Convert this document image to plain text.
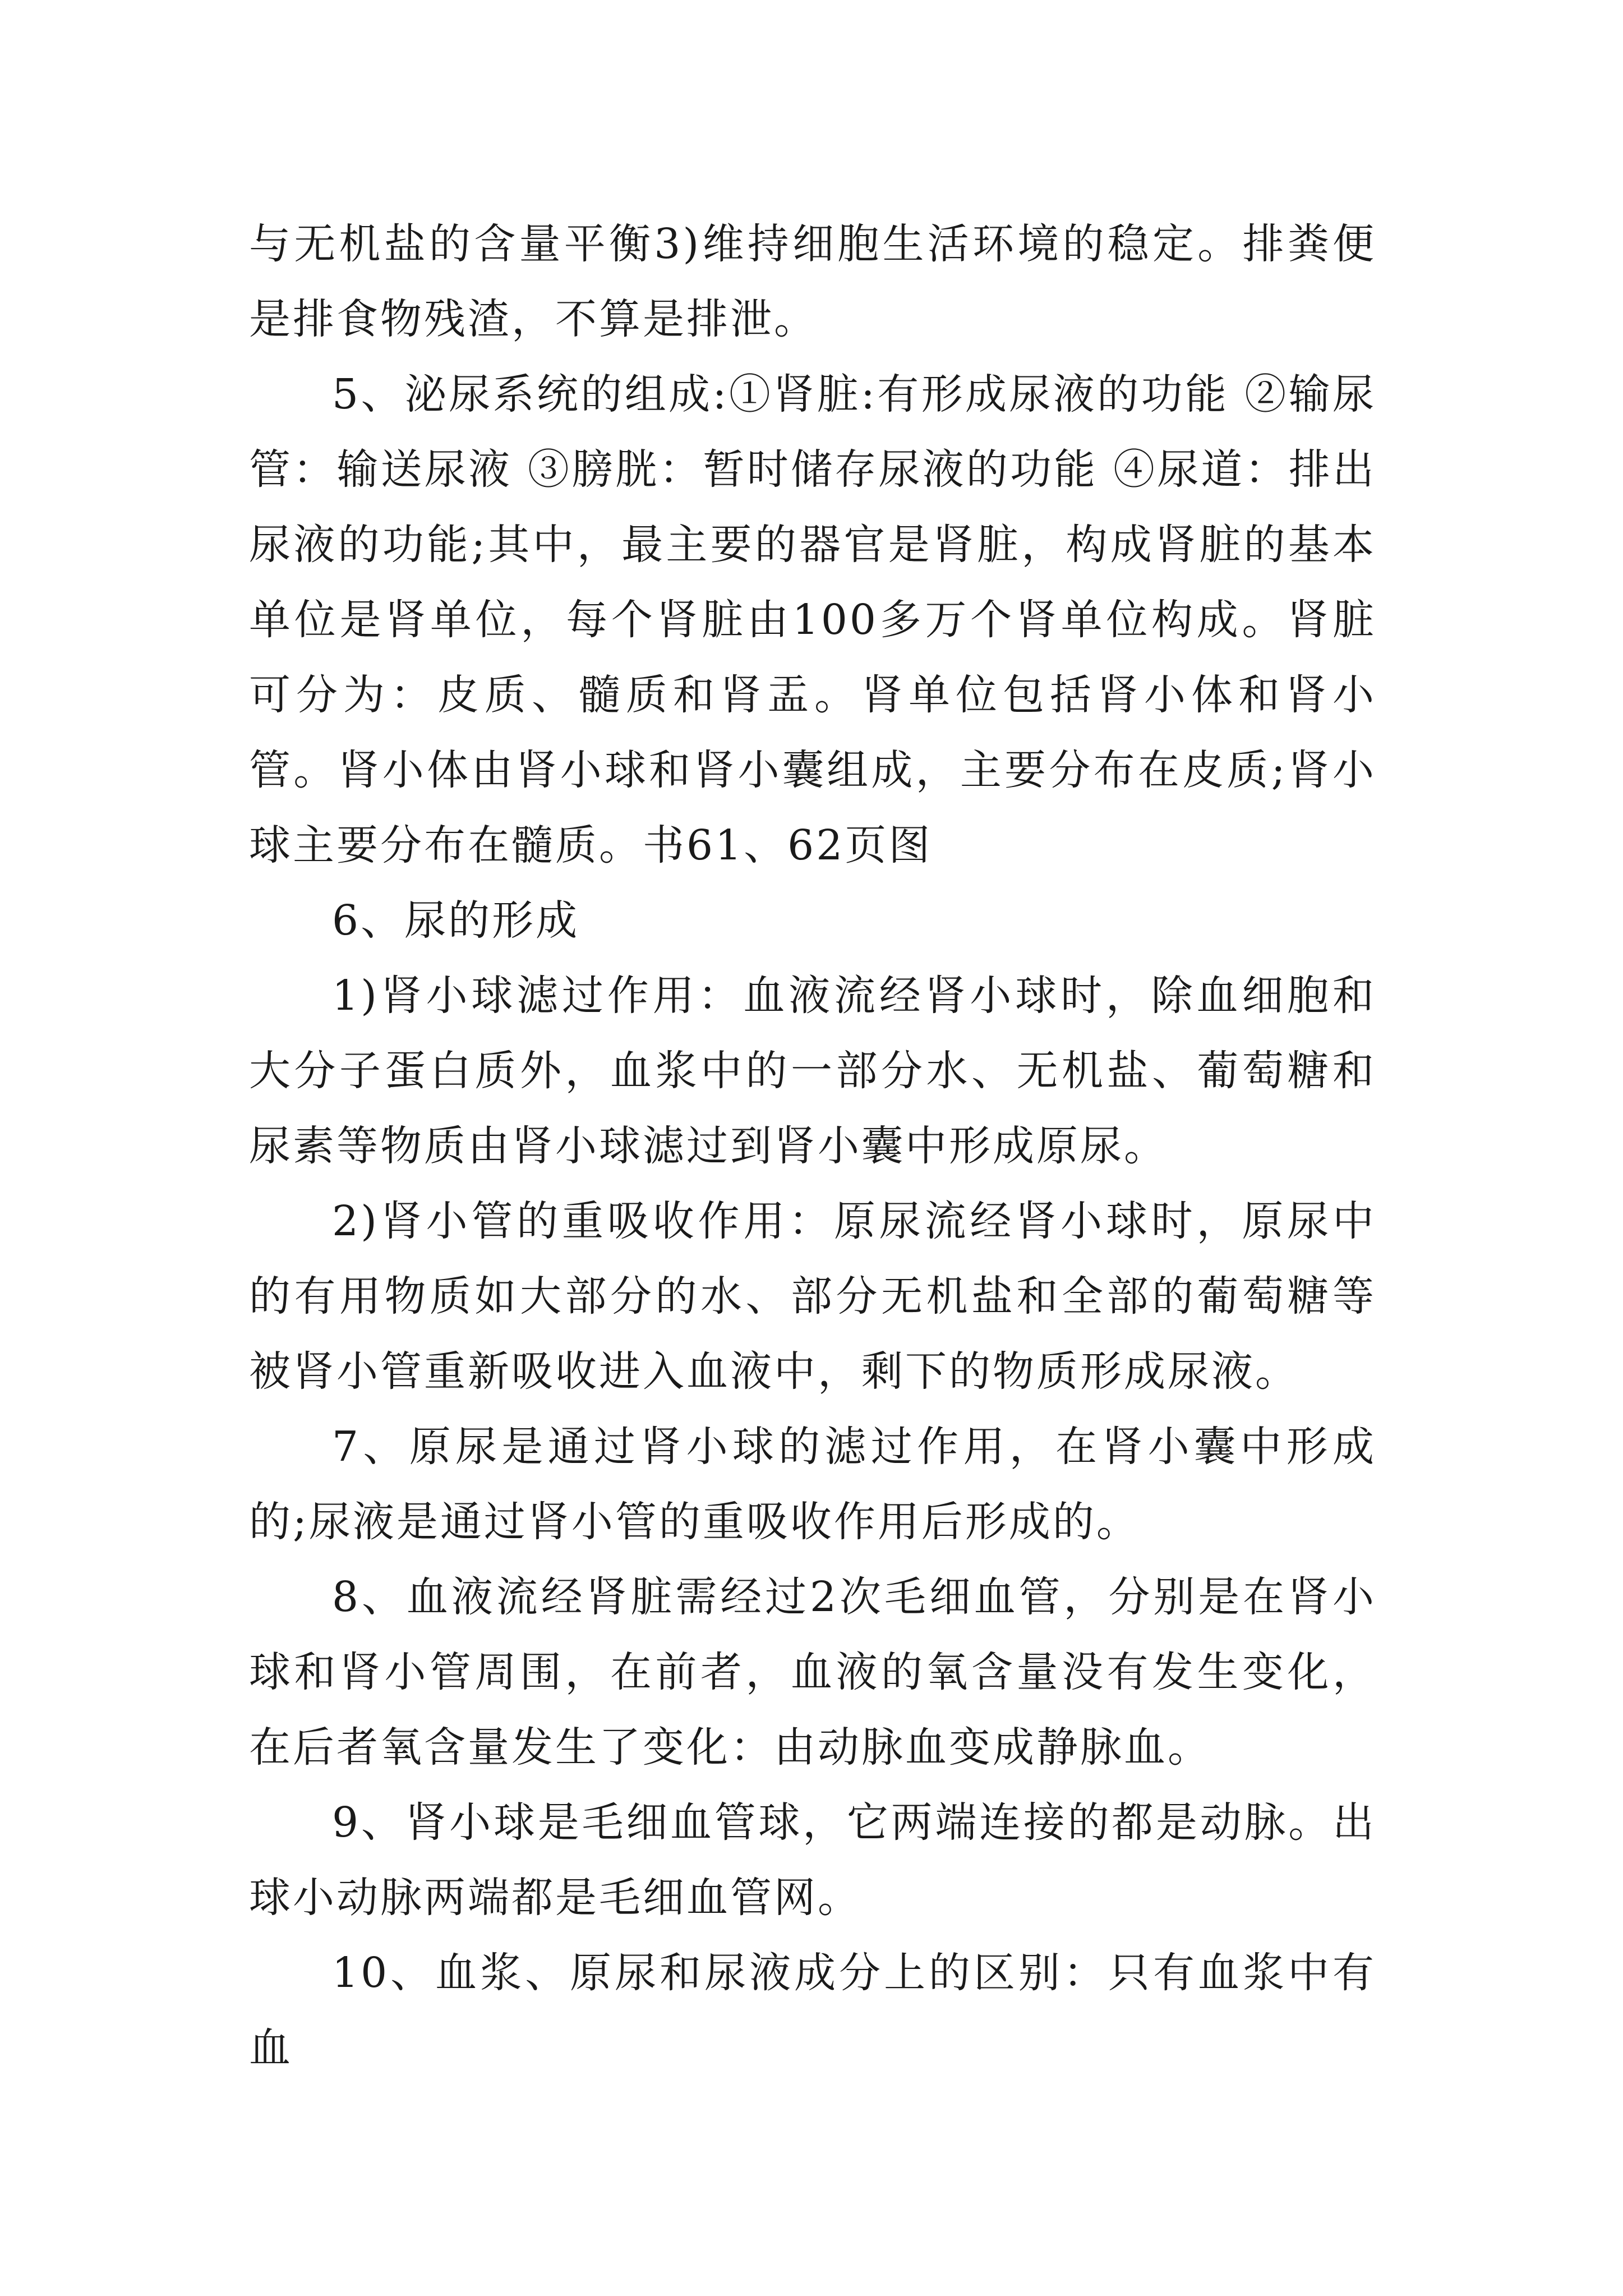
与无机盐的含量平衡3)维持细胞生活环境的稳定。排粪便是排食物残渣，不算是排泄。

5、泌尿系统的组成:①肾脏:有形成尿液的功能 ②输尿管：输送尿液 ③膀胱：暂时储存尿液的功能 ④尿道：排出尿液的功能;其中，最主要的器官是肾脏，构成肾脏的基本单位是肾单位，每个肾脏由100多万个肾单位构成。肾脏可分为：皮质、髓质和肾盂。肾单位包括肾小体和肾小管。肾小体由肾小球和肾小囊组成，主要分布在皮质;肾小球主要分布在髓质。书61、62页图

6、尿的形成

1)肾小球滤过作用：血液流经肾小球时，除血细胞和大分子蛋白质外，血浆中的一部分水、无机盐、葡萄糖和尿素等物质由肾小球滤过到肾小囊中形成原尿。

2)肾小管的重吸收作用：原尿流经肾小球时，原尿中的有用物质如大部分的水、部分无机盐和全部的葡萄糖等被肾小管重新吸收进入血液中，剩下的物质形成尿液。

7、原尿是通过肾小球的滤过作用，在肾小囊中形成的;尿液是通过肾小管的重吸收作用后形成的。

8、血液流经肾脏需经过2次毛细血管，分别是在肾小球和肾小管周围，在前者，血液的氧含量没有发生变化，在后者氧含量发生了变化：由动脉血变成静脉血。

9、肾小球是毛细血管球，它两端连接的都是动脉。出球小动脉两端都是毛细血管网。

10、血浆、原尿和尿液成分上的区别：只有血浆中有血
